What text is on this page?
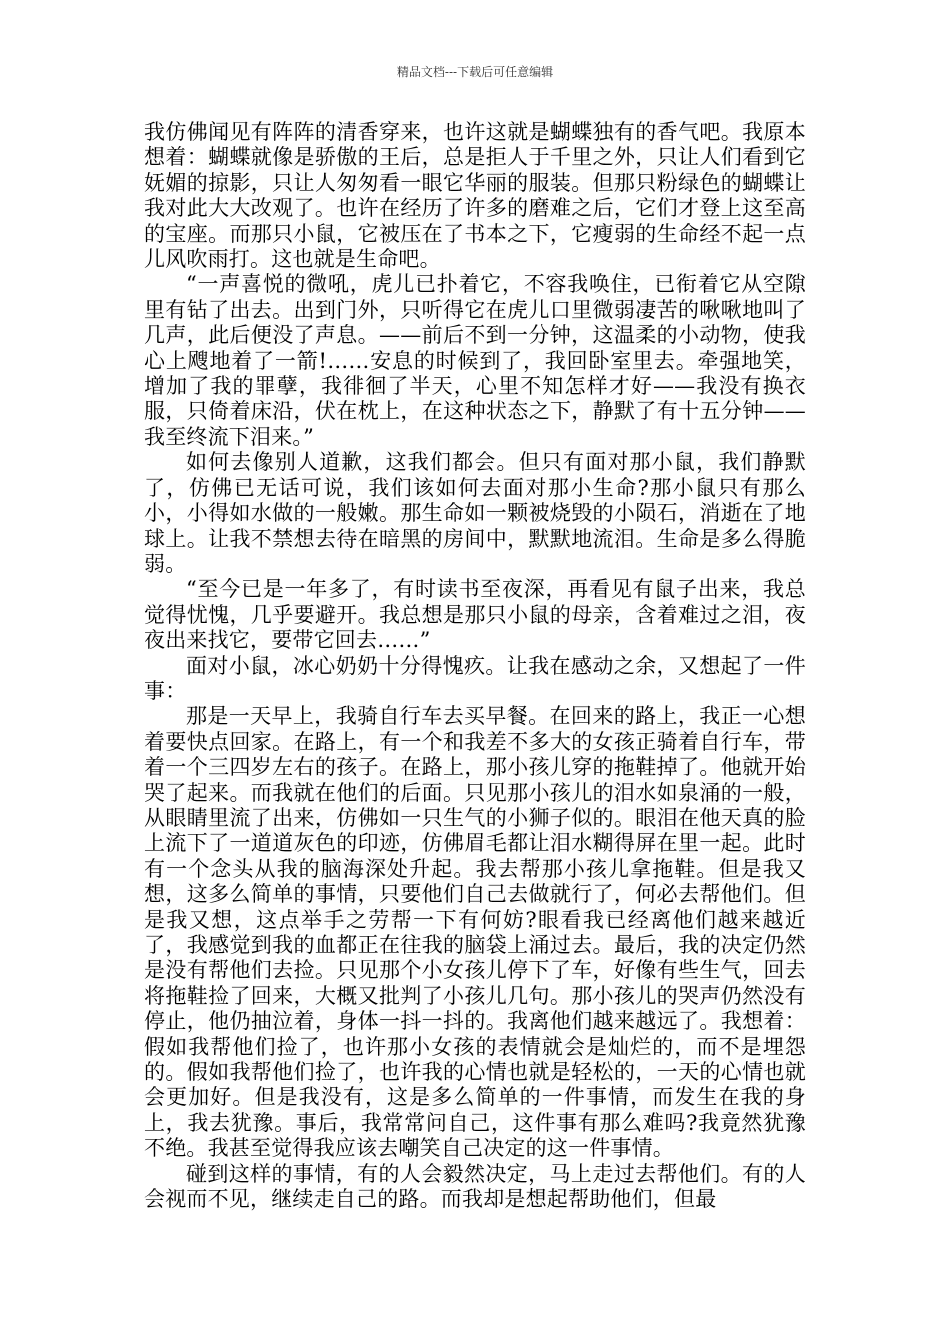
精品文档---下载后可任意编辑

我仿佛闻见有阵阵的清香穿来，也许这就是蝴蝶独有的香气吧。我原本想着：蝴蝶就像是骄傲的王后，总是拒人于千里之外，只让人们看到它妩媚的掠影，只让人匆匆看一眼它华丽的服装。但那只粉绿色的蝴蝶让我对此大大改观了。也许在经历了许多的磨难之后，它们才登上这至高的宝座。而那只小鼠，它被压在了书本之下，它瘦弱的生命经不起一点儿风吹雨打。这也就是生命吧。

“一声喜悦的微吼，虎儿已扑着它，不容我唤住，已衔着它从空隙里有钻了出去。出到门外，只听得它在虎儿口里微弱凄苦的啾啾地叫了几声，此后便没了声息。——前后不到一分钟，这温柔的小动物，使我心上飕地着了一箭!……安息的时候到了，我回卧室里去。牵强地笑，增加了我的罪孽，我徘徊了半天，心里不知怎样才好——我没有换衣服，只倚着床沿，伏在枕上，在这种状态之下，静默了有十五分钟——我至终流下泪来。”

如何去像别人道歉，这我们都会。但只有面对那小鼠，我们静默了，仿佛已无话可说，我们该如何去面对那小生命?那小鼠只有那么小，小得如水做的一般嫩。那生命如一颗被烧毁的小陨石，消逝在了地球上。让我不禁想去待在暗黑的房间中，默默地流泪。生命是多么得脆弱。

“至今已是一年多了，有时读书至夜深，再看见有鼠子出来，我总觉得忧愧，几乎要避开。我总想是那只小鼠的母亲，含着难过之泪，夜夜出来找它，要带它回去……”

面对小鼠，冰心奶奶十分得愧疚。让我在感动之余，又想起了一件事：

那是一天早上，我骑自行车去买早餐。在回来的路上，我正一心想着要快点回家。在路上，有一个和我差不多大的女孩正骑着自行车，带着一个三四岁左右的孩子。在路上，那小孩儿穿的拖鞋掉了。他就开始哭了起来。而我就在他们的后面。只见那小孩儿的泪水如泉涌的一般，从眼睛里流了出来，仿佛如一只生气的小狮子似的。眼泪在他天真的脸上流下了一道道灰色的印迹，仿佛眉毛都让泪水糊得屏在里一起。此时有一个念头从我的脑海深处升起。我去帮那小孩儿拿拖鞋。但是我又想，这多么简单的事情，只要他们自己去做就行了，何必去帮他们。但是我又想，这点举手之劳帮一下有何妨?眼看我已经离他们越来越近了，我感觉到我的血都正在往我的脑袋上涌过去。最后，我的决定仍然是没有帮他们去捡。只见那个小女孩儿停下了车，好像有些生气，回去将拖鞋捡了回来，大概又批判了小孩儿几句。那小孩儿的哭声仍然没有停止，他仍抽泣着，身体一抖一抖的。我离他们越来越远了。我想着：假如我帮他们捡了，也许那小女孩的表情就会是灿烂的，而不是埋怨的。假如我帮他们捡了，也许我的心情也就是轻松的，一天的心情也就会更加好。但是我没有，这是多么简单的一件事情，而发生在我的身上，我去犹豫。事后，我常常问自己，这件事有那么难吗?我竟然犹豫不绝。我甚至觉得我应该去嘲笑自己决定的这一件事情。

碰到这样的事情，有的人会毅然决定，马上走过去帮他们。有的人会视而不见，继续走自己的路。而我却是想起帮助他们，但最
